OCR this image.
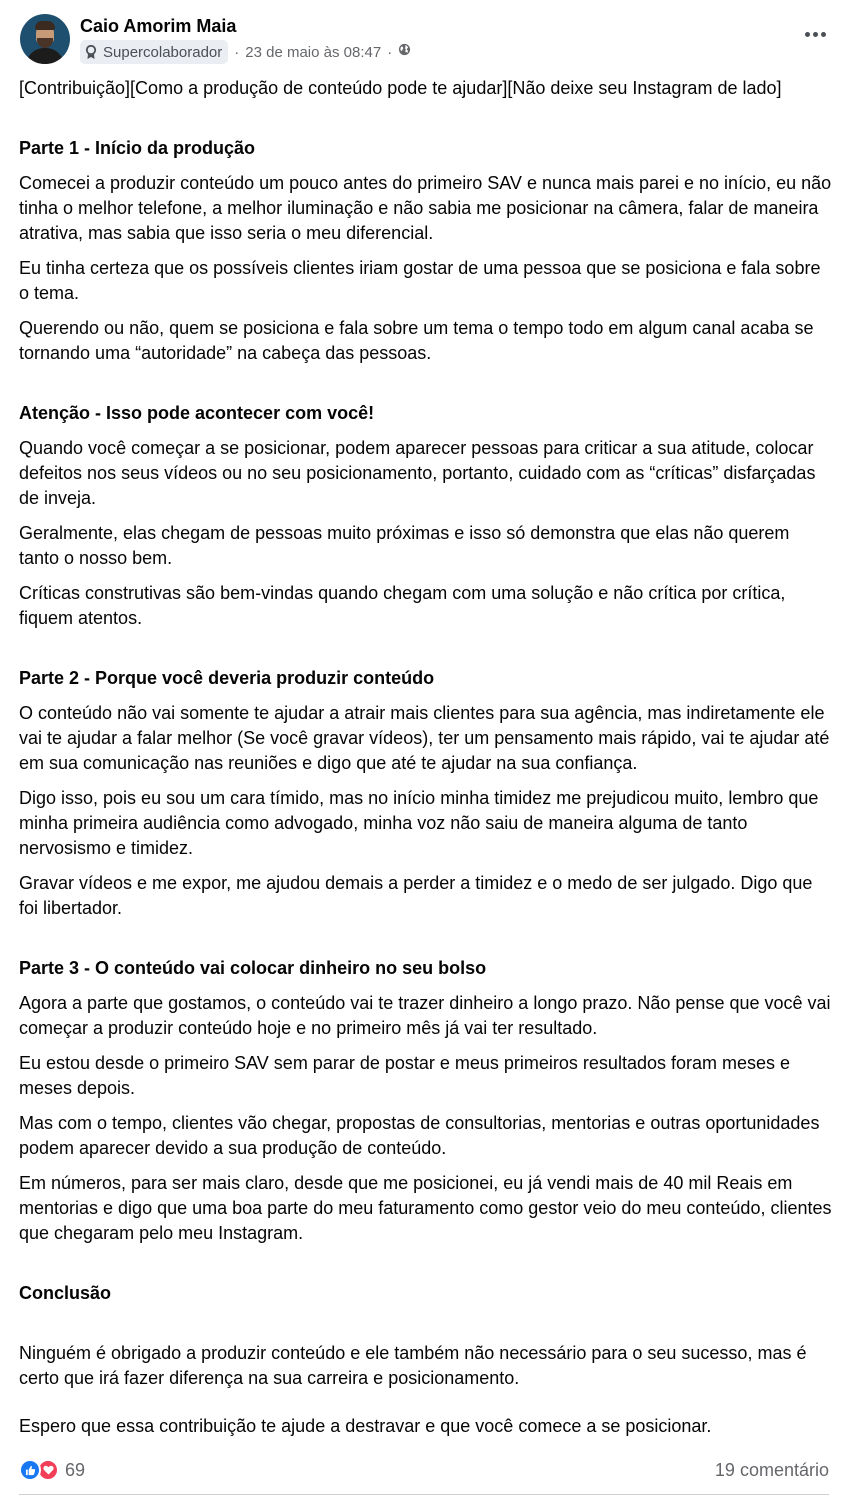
Caio Amorim Maia
Supercolaborador · 23 de maio às 08:47 ·

[Contribuição][Como a produção de conteúdo pode te ajudar][Não deixe seu Instagram de lado]

Parte 1 - Início da produção

Comecei a produzir conteúdo um pouco antes do primeiro SAV e nunca mais parei e no início, eu não tinha o melhor telefone, a melhor iluminação e não sabia me posicionar na câmera, falar de maneira atrativa, mas sabia que isso seria o meu diferencial.

Eu tinha certeza que os possíveis clientes iriam gostar de uma pessoa que se posiciona e fala sobre o tema.

Querendo ou não, quem se posiciona e fala sobre um tema o tempo todo em algum canal acaba se tornando uma “autoridade” na cabeça das pessoas.

Atenção - Isso pode acontecer com você!

Quando você começar a se posicionar, podem aparecer pessoas para criticar a sua atitude, colocar defeitos nos seus vídeos ou no seu posicionamento, portanto, cuidado com as “críticas” disfarçadas de inveja.

Geralmente, elas chegam de pessoas muito próximas e isso só demonstra que elas não querem tanto o nosso bem.

Críticas construtivas são bem-vindas quando chegam com uma solução e não crítica por crítica, fiquem atentos.

Parte 2 - Porque você deveria produzir conteúdo

O conteúdo não vai somente te ajudar a atrair mais clientes para sua agência, mas indiretamente ele vai te ajudar a falar melhor (Se você gravar vídeos), ter um pensamento mais rápido, vai te ajudar até em sua comunicação nas reuniões e digo que até te ajudar na sua confiança.

Digo isso, pois eu sou um cara tímido, mas no início minha timidez me prejudicou muito, lembro que minha primeira audiência como advogado, minha voz não saiu de maneira alguma de tanto nervosismo e timidez.

Gravar vídeos e me expor, me ajudou demais a perder a timidez e o medo de ser julgado. Digo que foi libertador.

Parte 3 - O conteúdo vai colocar dinheiro no seu bolso

Agora a parte que gostamos, o conteúdo vai te trazer dinheiro a longo prazo. Não pense que você vai começar a produzir conteúdo hoje e no primeiro mês já vai ter resultado.

Eu estou desde o primeiro SAV sem parar de postar e meus primeiros resultados foram meses e meses depois.

Mas com o tempo, clientes vão chegar, propostas de consultorias, mentorias e outras oportunidades podem aparecer devido a sua produção de conteúdo.

Em números, para ser mais claro, desde que me posicionei, eu já vendi mais de 40 mil Reais em mentorias e digo que uma boa parte do meu faturamento como gestor veio do meu conteúdo, clientes que chegaram pelo meu Instagram.

Conclusão

Ninguém é obrigado a produzir conteúdo e ele também não necessário para o seu sucesso, mas é certo que irá fazer diferença na sua carreira e posicionamento.

Espero que essa contribuição te ajude a destravar e que você comece a se posicionar.

69	19 comentário
